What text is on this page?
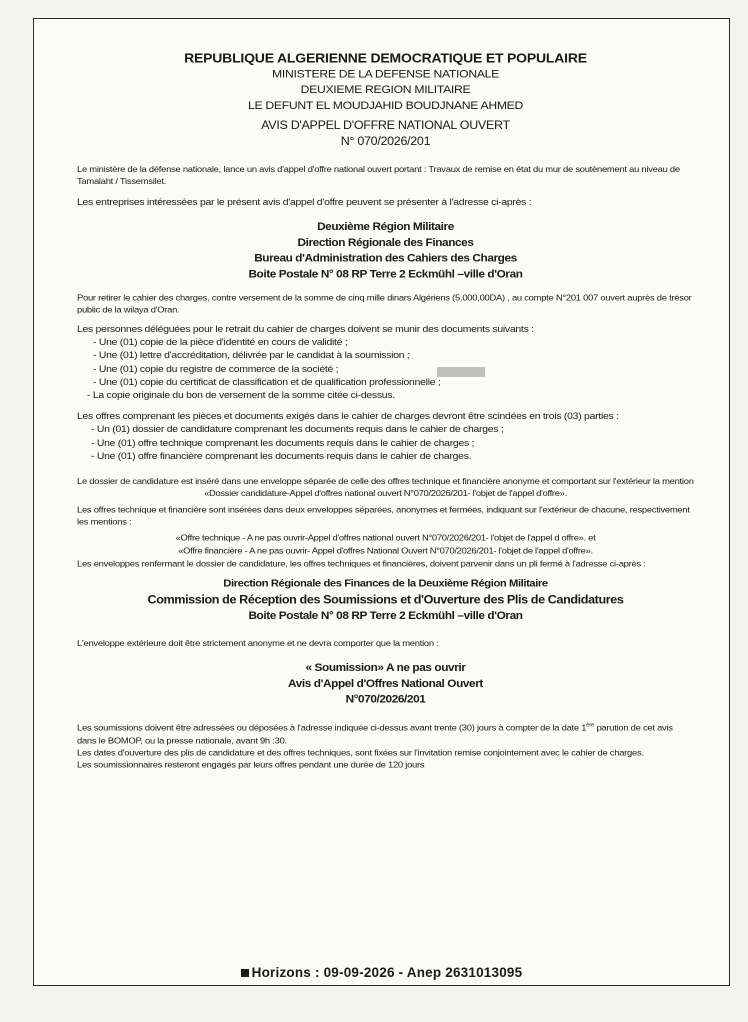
REPUBLIQUE ALGERIENNE DEMOCRATIQUE ET POPULAIRE

MINISTERE DE LA DEFENSE NATIONALE

DEUXIEME REGION MILITAIRE

LE DEFUNT EL MOUDJAHID BOUDJNANE AHMED

AVIS D'APPEL D'OFFRE NATIONAL OUVERT

N° 070/2026/201

Le ministère de la défense nationale, lance un avis d'appel d'offre national ouvert portant : Travaux de remise en état du mur de soutènement au niveau de Tamalaht / Tissemsilet.

Les entreprises intéressées par le présent avis d'appel d'offre peuvent se présenter à l'adresse ci-après :

Deuxième Région Militaire

Direction Régionale des Finances

Bureau d'Administration des Cahiers des Charges

Boite Postale N° 08 RP Terre 2 Eckmühl –ville d'Oran

Pour retirer le cahier des charges, contre versement de la somme de cinq mille dinars Algériens (5.000,00DA) , au compte N°201 007 ouvert auprès de trésor public de la wilaya d'Oran.

Les personnes déléguées pour le retrait du cahier de charges doivent se munir des documents suivants :

- Une (01) copie de la pièce d'identité en cours de validité ;
- Une (01) lettre d'accréditation, délivrée par le candidat à la soumission ;
- Une (01) copie du registre de commerce de la société ;
- Une (01) copie du certificat de classification et de qualification professionnelle ;
- La copie originale du bon de versement de la somme citée ci-dessus.

Les offres comprenant les pièces et documents exigés dans le cahier de charges devront être scindées en trois (03) parties :

- Un (01) dossier de candidature comprenant les documents requis dans le cahier de charges ;
- Une (01) offre technique comprenant les documents requis dans le cahier de charges ;
- Une (01) offre financière comprenant les documents requis dans le cahier de charges.

Le dossier de candidature est inséré dans une enveloppe séparée de celle des offres technique et financière anonyme et comportant sur l'extérieur la mention

«Dossier candidature-Appel d'offres national ouvert N°070/2026/201- l'objet de l'appel d'offre».

Les offres technique et financière sont insérées dans deux enveloppes séparées, anonymes et fermées, indiquant sur l'extérieur de chacune, respectivement les mentions :

«Offre technique - A ne pas ouvrir-Appel d'offres national ouvert N°070/2026/201- l'objet de l'appel d offre». et

«Offre financière - A ne pas ouvrir- Appel d'offres National Ouvert N°070/2026/201- l'objet de l'appel d'offre».

Les enveloppes renfermant le dossier de candidature, les offres techniques et financières, doivent parvenir dans un pli fermé à l'adresse ci-après :

Direction Régionale des Finances de la Deuxième Région Militaire

Commission de Réception des Soumissions et d'Ouverture des Plis de Candidatures

Boite Postale N° 08 RP Terre 2 Eckmühl –ville d'Oran

L'enveloppe extérieure doit être strictement anonyme et ne devra comporter que la mention :

« Soumission» A ne pas ouvrir

Avis d'Appel d'Offres National Ouvert

N°070/2026/201

Les soumissions doivent être adressées ou déposées à l'adresse indiquée ci-dessus avant trente (30) jours à compter de la date 1ère parution de cet avis dans le BOMOP, ou la presse nationale, avant 9h :30.

Les dates d'ouverture des plis de candidature et des offres techniques, sont fixées sur l'invitation remise conjointement avec le cahier de charges.

Les soumissionnaires resteront engagés par leurs offres pendant une durée de 120 jours

Horizons : 09-09-2026 - Anep 2631013095
